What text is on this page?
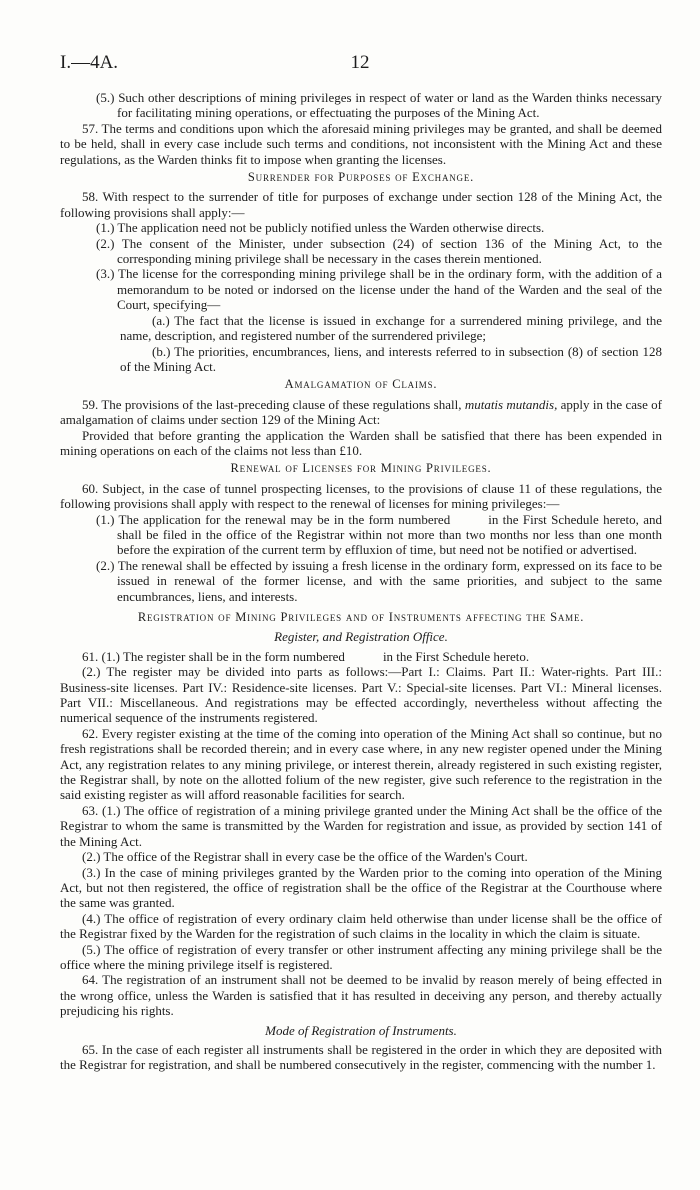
I.—4A.	12

(5.) Such other descriptions of mining privileges in respect of water or land as the Warden thinks necessary for facilitating mining operations, or effectuating the purposes of the Mining Act.

57. The terms and conditions upon which the aforesaid mining privileges may be granted, and shall be deemed to be held, shall in every case include such terms and conditions, not inconsistent with the Mining Act and these regulations, as the Warden thinks fit to impose when granting the licenses.

Surrender for Purposes of Exchange.

58. With respect to the surrender of title for purposes of exchange under section 128 of the Mining Act, the following provisions shall apply:—

(1.) The application need not be publicly notified unless the Warden otherwise directs.

(2.) The consent of the Minister, under subsection (24) of section 136 of the Mining Act, to the corresponding mining privilege shall be necessary in the cases therein mentioned.

(3.) The license for the corresponding mining privilege shall be in the ordinary form, with the addition of a memorandum to be noted or indorsed on the license under the hand of the Warden and the seal of the Court, specifying—

(a.) The fact that the license is issued in exchange for a surrendered mining privilege, and the name, description, and registered number of the surrendered privilege;

(b.) The priorities, encumbrances, liens, and interests referred to in subsection (8) of section 128 of the Mining Act.

Amalgamation of Claims.

59. The provisions of the last-preceding clause of these regulations shall, mutatis mutandis, apply in the case of amalgamation of claims under section 129 of the Mining Act:

Provided that before granting the application the Warden shall be satisfied that there has been expended in mining operations on each of the claims not less than £10.

Renewal of Licenses for Mining Privileges.

60. Subject, in the case of tunnel prospecting licenses, to the provisions of clause 11 of these regulations, the following provisions shall apply with respect to the renewal of licenses for mining privileges:—

(1.) The application for the renewal may be in the form numbered	in the First Schedule hereto, and shall be filed in the office of the Registrar within not more than two months nor less than one month before the expiration of the current term by effluxion of time, but need not be notified or advertised.

(2.) The renewal shall be effected by issuing a fresh license in the ordinary form, expressed on its face to be issued in renewal of the former license, and with the same priorities, and subject to the same encumbrances, liens, and interests.

Registration of Mining Privileges and of Instruments affecting the Same.
Register, and Registration Office.

61. (1.) The register shall be in the form numbered	in the First Schedule hereto.

(2.) The register may be divided into parts as follows:—Part I.: Claims. Part II.: Water-rights. Part III.: Business-site licenses. Part IV.: Residence-site licenses. Part V.: Special-site licenses. Part VI.: Mineral licenses. Part VII.: Miscellaneous. And registrations may be effected accordingly, nevertheless without affecting the numerical sequence of the instruments registered.

62. Every register existing at the time of the coming into operation of the Mining Act shall so continue, but no fresh registrations shall be recorded therein; and in every case where, in any new register opened under the Mining Act, any registration relates to any mining privilege, or interest therein, already registered in such existing register, the Registrar shall, by note on the allotted folium of the new register, give such reference to the registration in the said existing register as will afford reasonable facilities for search.

63. (1.) The office of registration of a mining privilege granted under the Mining Act shall be the office of the Registrar to whom the same is transmitted by the Warden for registration and issue, as provided by section 141 of the Mining Act.

(2.) The office of the Registrar shall in every case be the office of the Warden's Court.

(3.) In the case of mining privileges granted by the Warden prior to the coming into operation of the Mining Act, but not then registered, the office of registration shall be the office of the Registrar at the Courthouse where the same was granted.

(4.) The office of registration of every ordinary claim held otherwise than under license shall be the office of the Registrar fixed by the Warden for the registration of such claims in the locality in which the claim is situate.

(5.) The office of registration of every transfer or other instrument affecting any mining privilege shall be the office where the mining privilege itself is registered.

64. The registration of an instrument shall not be deemed to be invalid by reason merely of being effected in the wrong office, unless the Warden is satisfied that it has resulted in deceiving any person, and thereby actually prejudicing his rights.

Mode of Registration of Instruments.

65. In the case of each register all instruments shall be registered in the order in which they are deposited with the Registrar for registration, and shall be numbered consecutively in the register, commencing with the number 1.
